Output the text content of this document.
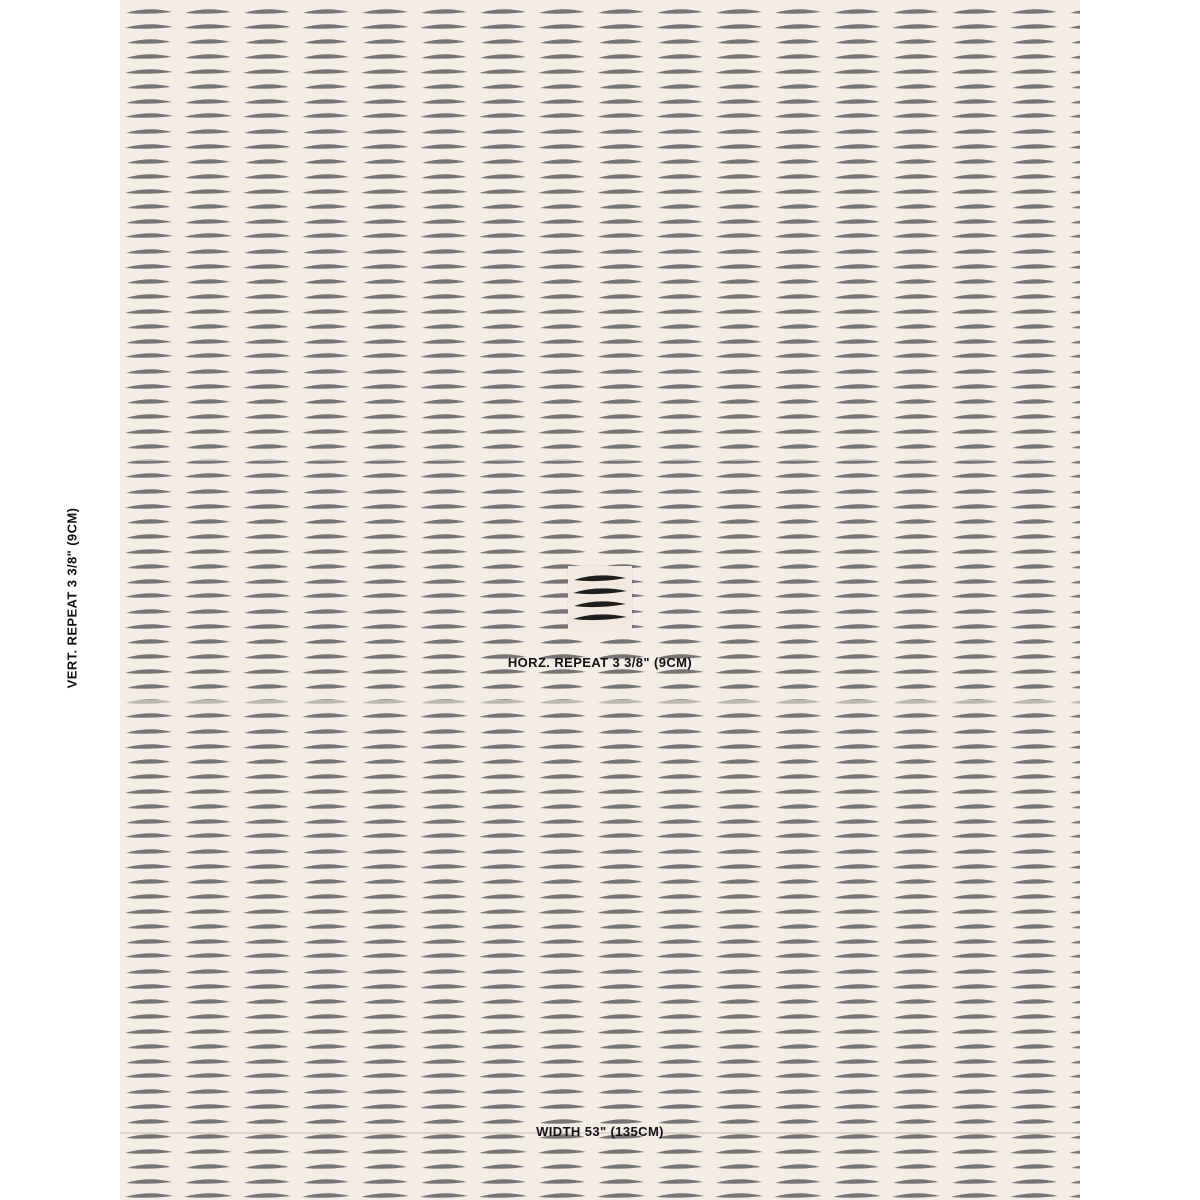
HORZ. REPEAT 3 3/8" (9CM)

WIDTH 53" (135CM)

VERT. REPEAT 3 3/8" (9CM)
